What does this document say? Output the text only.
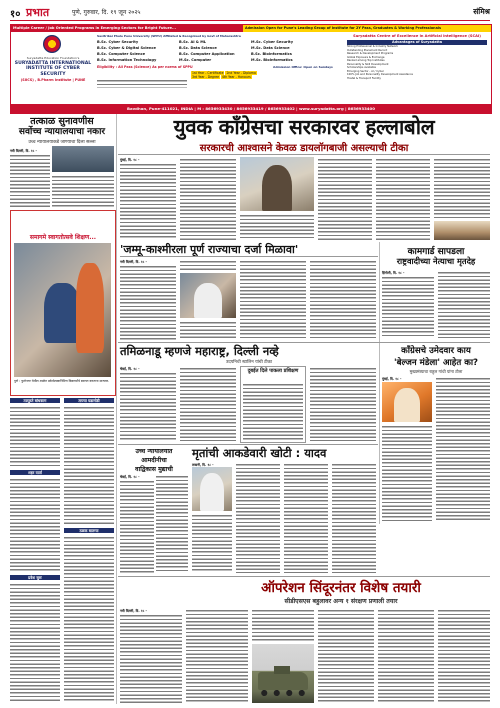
१० प्रभात	पुणे, गुरुवार, दि. १९ जून २०२५	संमिश्र
Multiple Career / Job Oriented Programs in Emerging Sectors for Bright Future...	Admission Open for Pune's Leading Group of Institute for 2Y Pass, Graduates & Working Professionals
Suryadatta Education Foundation's
SURYADATTA INTERNATIONAL INSTITUTE OF CYBER SECURITY
(SIICS) , B.Pharm Institute | PUNE
Savitribai Phule Pune University (SPPU) Affiliated & Recognised by Govt of Maharashtra
B.Sc. Cyber Security
B.Sc. Cyber & Digital Science
B.Sc. Computer Science
B.Sc. Information Technology
B.Sc. AI & ML
B.Sc. Data Science
B.Sc. Computer Application
M.Sc. Computer
M.Sc. Cyber Security
M.Sc. Data Science
B.Sc. Bioinformatics
M.Sc. Bioinformatics
Eligibility : All Pass (Science) As per norms of SPPU
1st Year - Certificate 2nd Year - Diploma
3rd Year - Degree 4th Year - Honours
Admission Office: Open on Sundays
Suryadatta Centre of Excellence in Artificial Intelligence (SCAI)
Advantages of Suryadatta
Strong Professional & Industry Network
Outstanding Placement Record
Research & Development Programs
Global Exposure & Exchange
Ranked among Top Institutes
Personality & Skill Development
Scholarships Available
Emerging Sector - AI / Cyber
100% Job and Personality Development Assistance
Hostel & Transport Facility
Bavdhan, Pune-411021, INDIA | M : 8656933430 / 8656933419 / 8656933402 | www.suryadatta.org | 8656933400
तत्काळ सुनावणीस
सर्वोच्च न्यायालयाचा नकार
उच्च न्यायालयाकडे जाण्याचा दिला सल्ला
नवी दिल्ली, दि. १८ -
समागमे स्वागतोत्सवे शिक्षण...
पुणे : फुलेनगर येथील शाळेत प्रवेशोत्सवानिमित्त विद्यार्थ्यांचे स्वागत करताना मान्यवर.
युवक काँग्रेसचा सरकारवर हल्लाबोल
सरकारची आश्वासने केवळ डायलॉगबाजी असल्याची टीका
मुंबई, दि. १८ -
'जम्मू-काश्मीरला पूर्ण राज्याचा दर्जा मिळावा'
नवी दिल्ली, दि. १८ -
कामगार्ड सापडला
राष्ट्रवादीच्या नेत्याचा मृतदेह
हिंगोली, दि. १८ -
तमिळनाडू म्हणजे महाराष्ट्र, दिल्ली नव्हे
उदयनिधी स्टालिन यांची टीका
चेन्नई, दि. १८ -	दुबईत दिले पाकला प्रशिक्षण
काँग्रेसचे उमेदवार काय
'बेल्जन मंडेला' आहेत का?
मुख्यमंत्र्याचा राहुल गांधी यांना टोला
मुंबई, दि. १८ -
उच्च न्यायालयात
आमदीनीचा
वाद्विकास मुद्याची
चेन्नई, दि. १८ -
मृतांची आकडेवारी खोटी : यादव
लखनौ, दि. १८ -
ऑपरेशन सिंदूरनंतर विशेष तयारी
सीडीएसएस बहुलावर अन्य १ संरक्षण प्रणाली तयार
नवी दिल्ली, दि. १८ -
तात्पुरते बांधकाम
शहर वार्ता
प्रवेश सुरू
ताज्या घडामोडी
ठळक बातम्या
